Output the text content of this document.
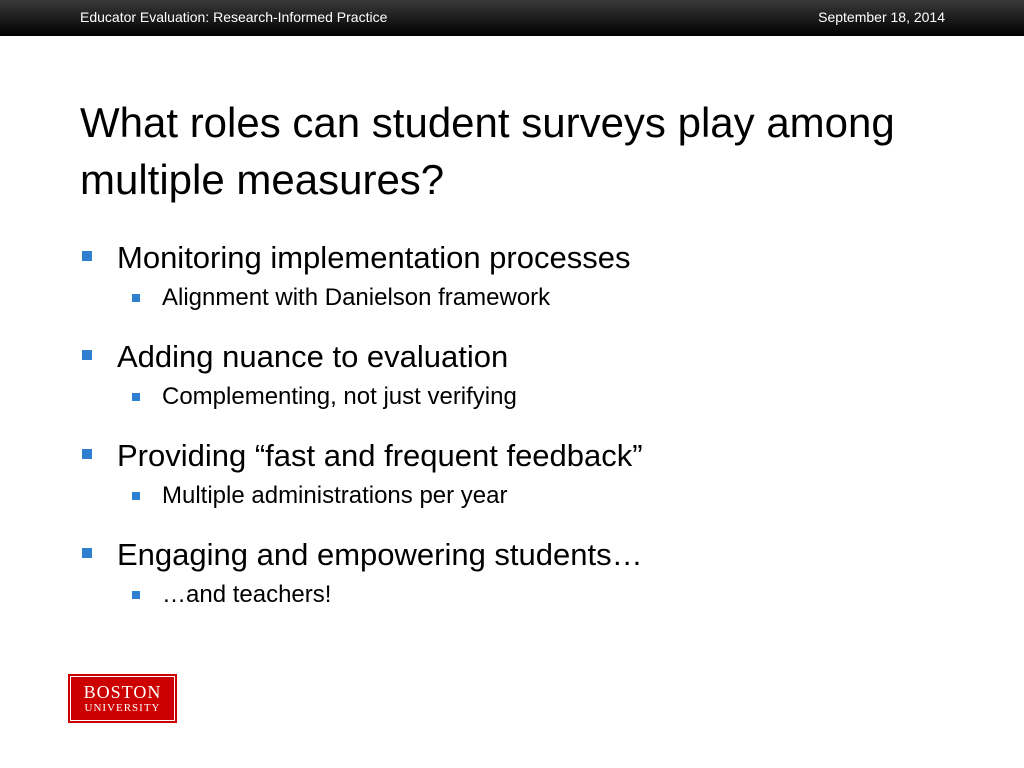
Educator Evaluation: Research-Informed Practice	September 18, 2014
What roles can student surveys play among multiple measures?
Monitoring implementation processes
Alignment with Danielson framework
Adding nuance to evaluation
Complementing, not just verifying
Providing “fast and frequent feedback”
Multiple administrations per year
Engaging and empowering students…
…and teachers!
BOSTON
UNIVERSITY
